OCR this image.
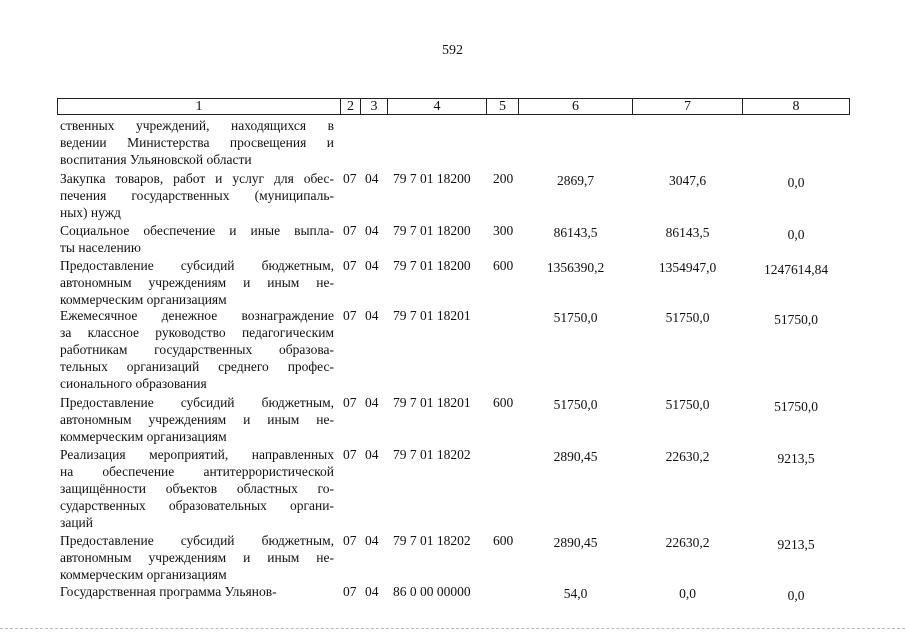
592
1	2	3	4	5	6	7	8
ственных учреждений, находящихся в
ведении Министерства просвещения и
воспитания Ульяновской области
Закупка товаров, работ и услуг для обес-
печения государственных (муниципаль-
ных) нужд
07 04 79 7 01 18200 200	2869,7	3047,6	0,0
Социальное обеспечение и иные выпла-
ты населению
07 04 79 7 01 18200 300	86143,5	86143,5	0,0
Предоставление субсидий бюджетным,
автономным учреждениям и иным не-
коммерческим организациям
07 04 79 7 01 18200 600	1356390,2	1354947,0	1247614,84
Ежемесячное денежное вознаграждение
за классное руководство педагогическим
работникам государственных образова-
тельных организаций среднего профес-
сионального образования
07 04 79 7 01 18201	51750,0	51750,0	51750,0
Предоставление субсидий бюджетным,
автономным учреждениям и иным не-
коммерческим организациям
07 04 79 7 01 18201 600	51750,0	51750,0	51750,0
Реализация мероприятий, направленных
на обеспечение антитеррористической
защищённости объектов областных го-
сударственных образовательных органи-
заций
07 04 79 7 01 18202	2890,45	22630,2	9213,5
Предоставление субсидий бюджетным,
автономным учреждениям и иным не-
коммерческим организациям
07 04 79 7 01 18202 600	2890,45	22630,2	9213,5
Государственная программа Ульянов-	07 04 86 0 00 00000	54,0	0,0	0,0
